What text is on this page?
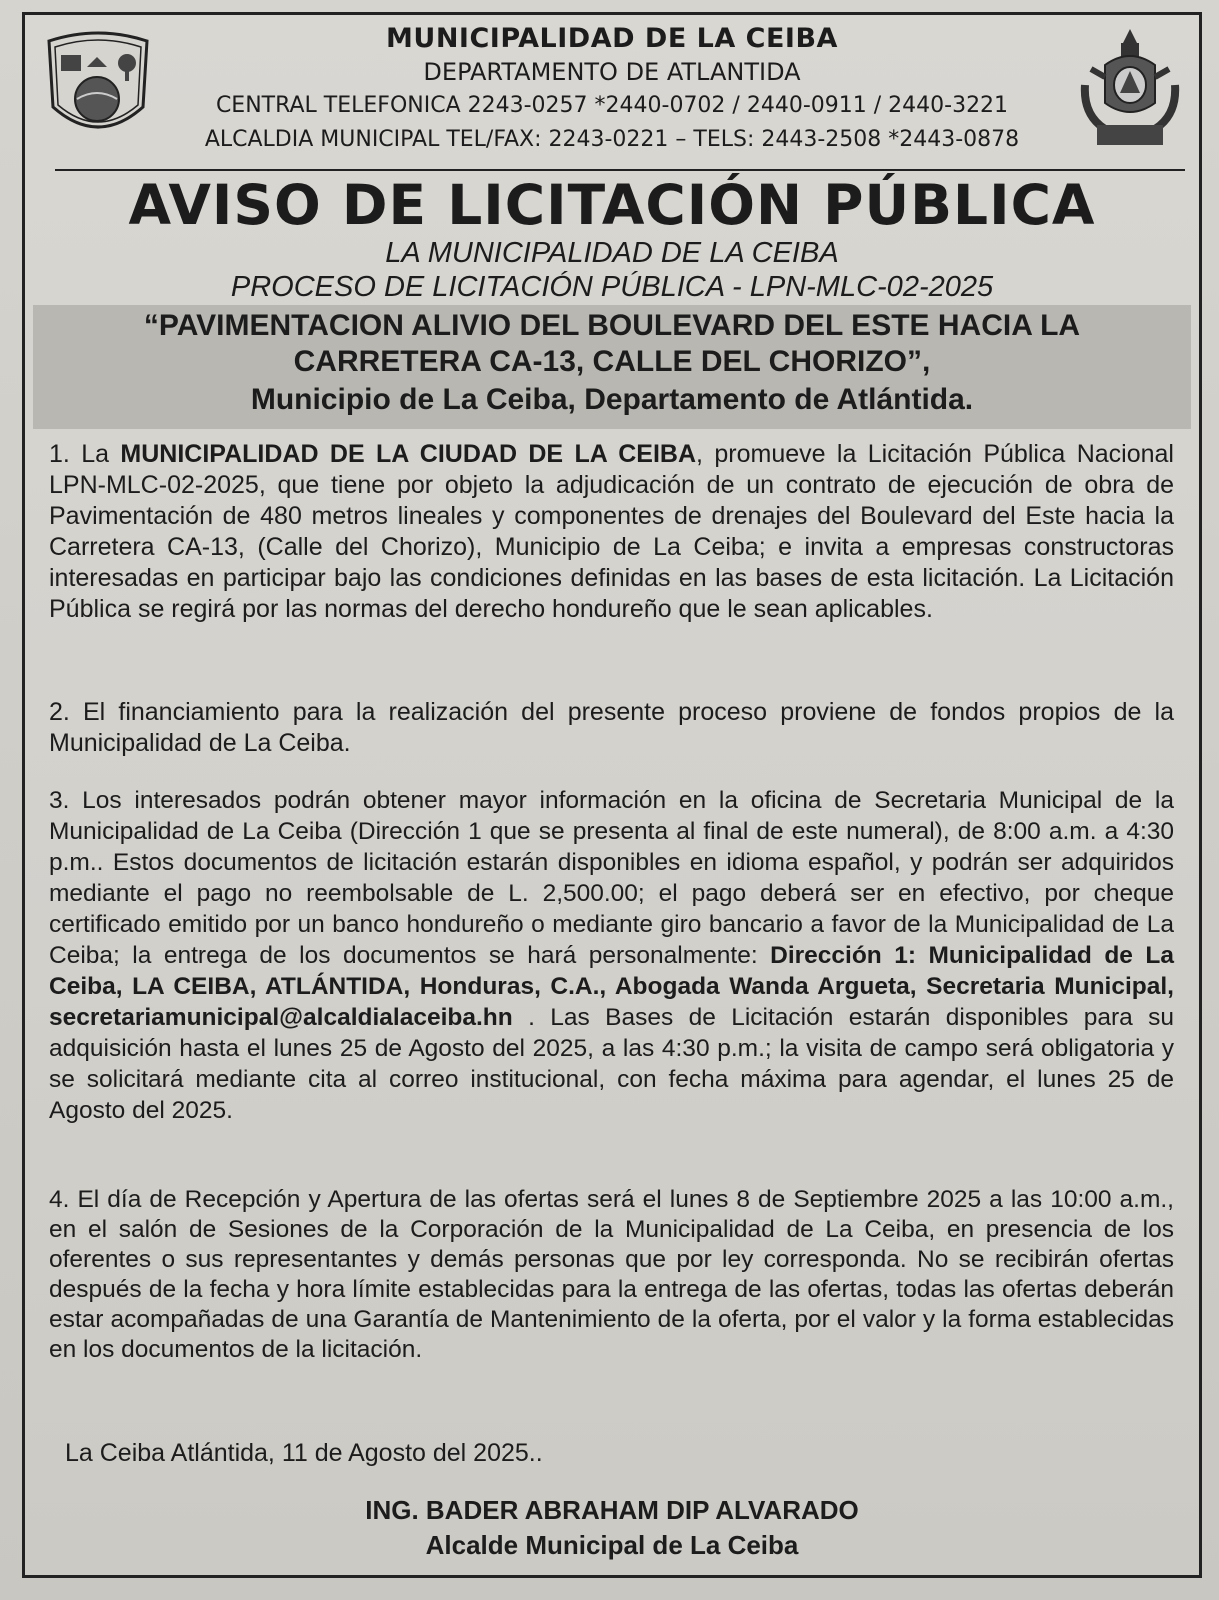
MUNICIPALIDAD DE LA CEIBA
DEPARTAMENTO DE ATLANTIDA
CENTRAL TELEFONICA 2243-0257 *2440-0702 / 2440-0911 / 2440-3221
ALCALDIA MUNICIPAL TEL/FAX: 2243-0221 – TELS: 2443-2508 *2443-0878
AVISO DE LICITACIÓN PÚBLICA
LA MUNICIPALIDAD DE LA CEIBA
PROCESO DE LICITACIÓN PÚBLICA - LPN-MLC-02-2025
“PAVIMENTACION ALIVIO DEL BOULEVARD DEL ESTE HACIA LA
CARRETERA CA-13, CALLE DEL CHORIZO”,
Municipio de La Ceiba, Departamento de Atlántida.
1. La MUNICIPALIDAD DE LA CIUDAD DE LA CEIBA, promueve la Licitación Pública Nacional LPN-MLC-02-2025, que tiene por objeto la adjudicación de un contrato de ejecución de obra de Pavimentación de 480 metros lineales y componentes de drenajes del Boulevard del Este hacia la Carretera CA-13, (Calle del Chorizo), Municipio de La Ceiba; e invita a empresas constructoras interesadas en participar bajo las condiciones definidas en las bases de esta licitación. La Licitación Pública se regirá por las normas del derecho hondureño que le sean aplicables.
2. El financiamiento para la realización del presente proceso proviene de fondos propios de la Municipalidad de La Ceiba.
3. Los interesados podrán obtener mayor información en la oficina de Secretaria Municipal de la Municipalidad de La Ceiba (Dirección 1 que se presenta al final de este numeral), de 8:00 a.m. a 4:30 p.m.. Estos documentos de licitación estarán disponibles en idioma español, y podrán ser adquiridos mediante el pago no reembolsable de L. 2,500.00; el pago deberá ser en efectivo, por cheque certificado emitido por un banco hondureño o mediante giro bancario a favor de la Municipalidad de La Ceiba; la entrega de los documentos se hará personalmente: Dirección 1: Municipalidad de La Ceiba, LA CEIBA, ATLÁNTIDA, Honduras, C.A., Abogada Wanda Argueta, Secretaria Municipal, secretariamunicipal@alcaldialaceiba.hn . Las Bases de Licitación estarán disponibles para su adquisición hasta el lunes 25 de Agosto del 2025, a las 4:30 p.m.; la visita de campo será obligatoria y se solicitará mediante cita al correo institucional, con fecha máxima para agendar, el lunes 25 de Agosto del 2025.
4. El día de Recepción y Apertura de las ofertas será el lunes 8 de Septiembre 2025 a las 10:00 a.m., en el salón de Sesiones de la Corporación de la Municipalidad de La Ceiba, en presencia de los oferentes o sus representantes y demás personas que por ley corresponda. No se recibirán ofertas después de la fecha y hora límite establecidas para la entrega de las ofertas, todas las ofertas deberán estar acompañadas de una Garantía de Mantenimiento de la oferta, por el valor y la forma establecidas en los documentos de la licitación.
La Ceiba Atlántida, 11 de Agosto del 2025..
ING. BADER ABRAHAM DIP ALVARADO
Alcalde Municipal de La Ceiba
